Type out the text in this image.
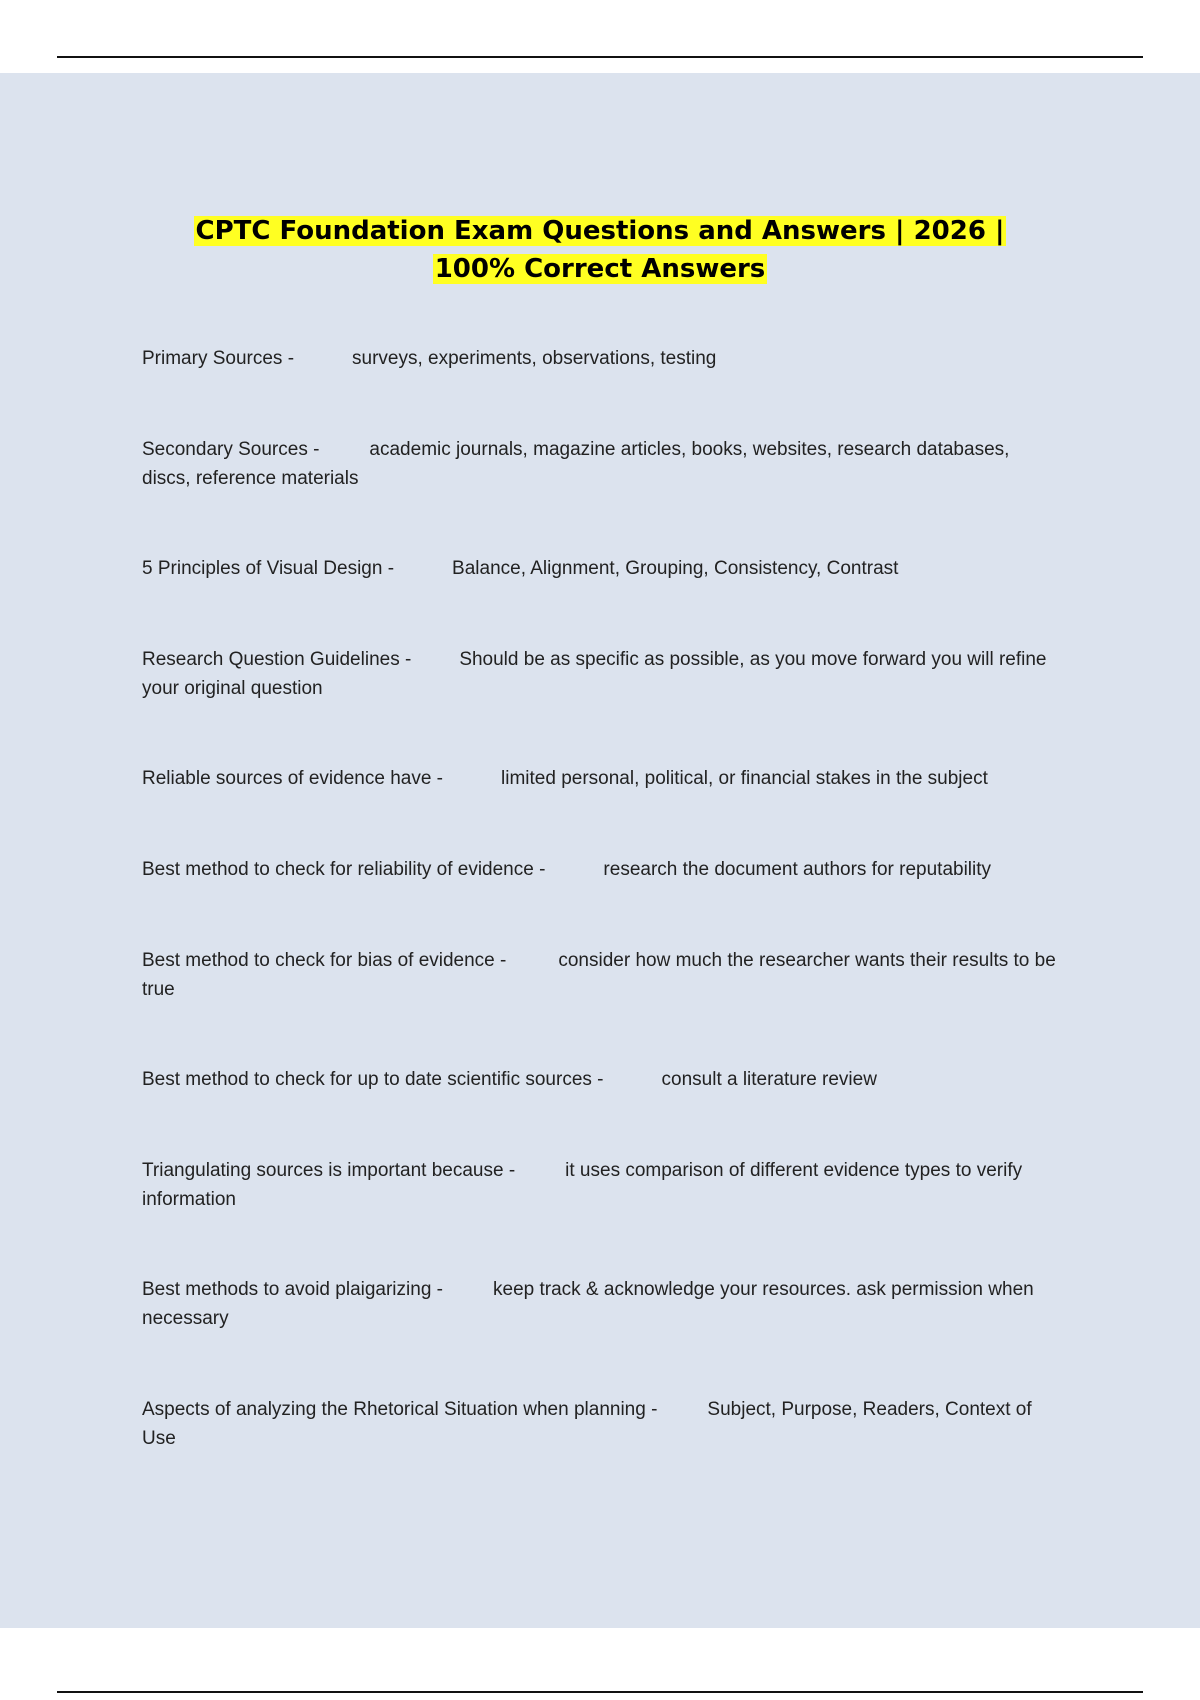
CPTC Foundation Exam Questions and Answers | 2026 |
100% Correct Answers

Primary Sources -	surveys, experiments, observations, testing

Secondary Sources -	academic journals, magazine articles, books, websites, research databases, discs, reference materials

5 Principles of Visual Design -	Balance, Alignment, Grouping, Consistency, Contrast

Research Question Guidelines -	Should be as specific as possible, as you move forward you will refine your original question

Reliable sources of evidence have -	limited personal, political, or financial stakes in the subject

Best method to check for reliability of evidence -	research the document authors for reputability

Best method to check for bias of evidence -	consider how much the researcher wants their results to be true

Best method to check for up to date scientific sources -	consult a literature review

Triangulating sources is important because -	it uses comparison of different evidence types to verify information

Best methods to avoid plaigarizing -	keep track & acknowledge your resources. ask permission when necessary

Aspects of analyzing the Rhetorical Situation when planning -	Subject, Purpose, Readers, Context of Use
